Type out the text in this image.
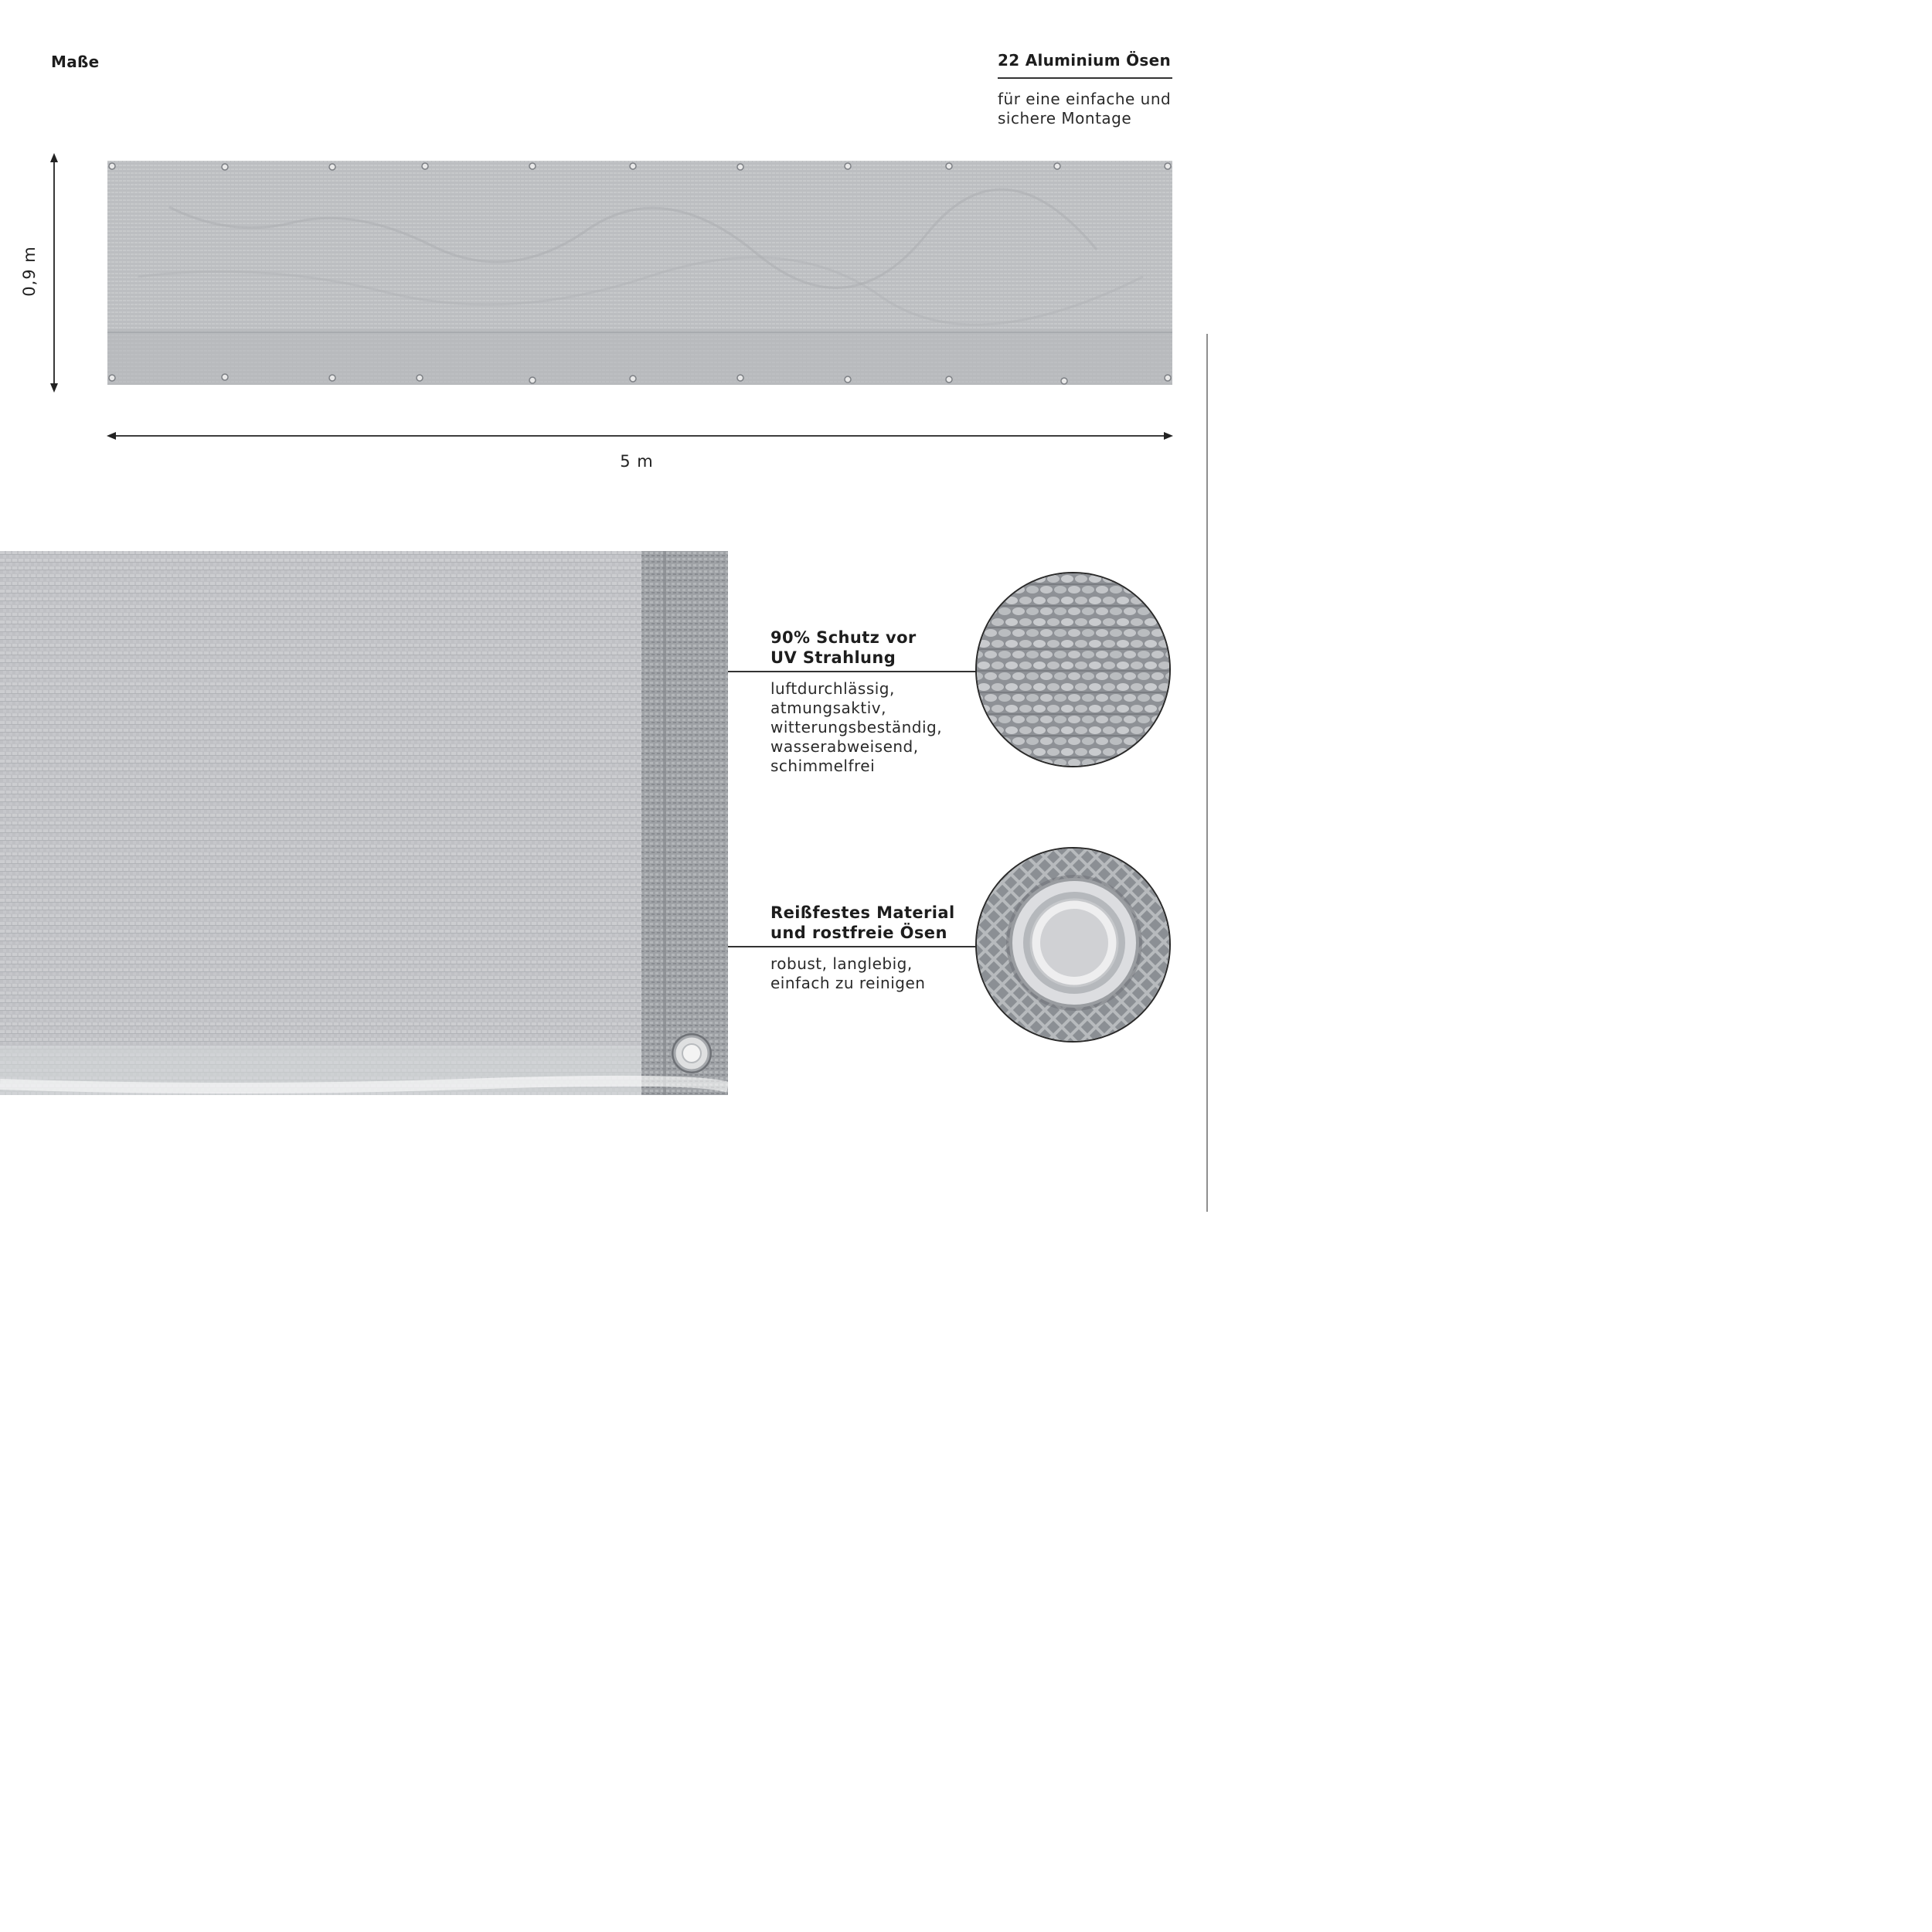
Maße	22 Aluminium Ösen
für eine einfache und
sichere Montage
0,9 m
5 m
90% Schutz vor
UV Strahlung
luftdurchlässig,
atmungsaktiv,
witterungsbeständig,
wasserabweisend,
schimmelfrei
Reißfestes Material
und rostfreie Ösen
robust, langlebig,
einfach zu reinigen
